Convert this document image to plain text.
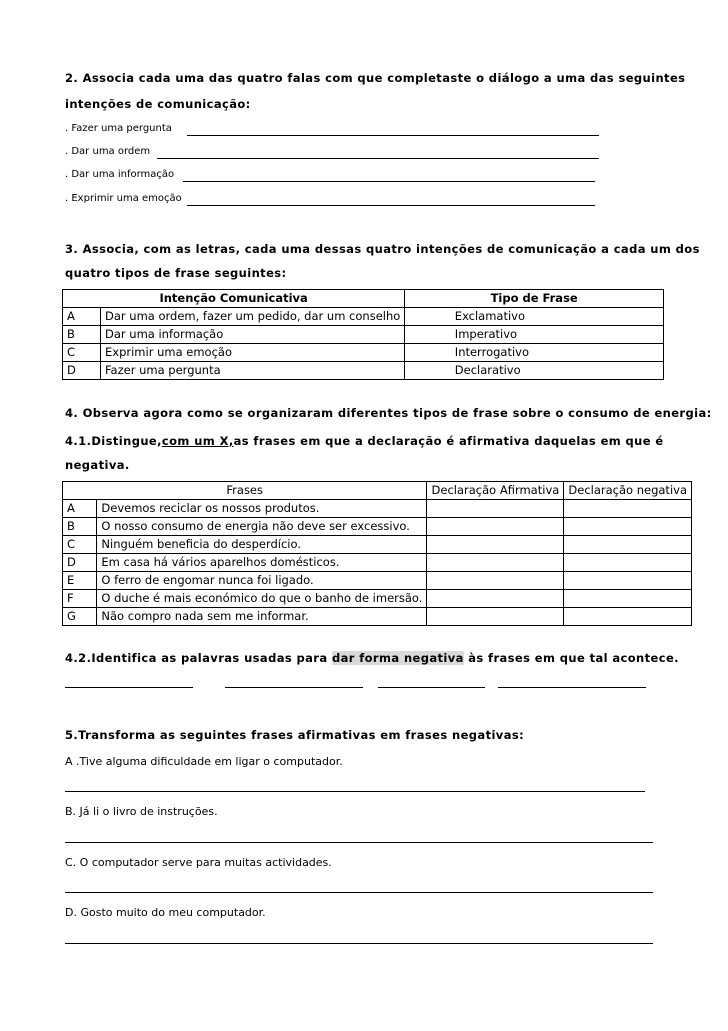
2. Associa cada uma das quatro falas com que completaste o diálogo a uma das seguintes
intenções de comunicação:
. Fazer uma pergunta
. Dar uma ordem
. Dar uma informação
. Exprimir uma emoção
3. Associa, com as letras, cada uma dessas quatro intenções de comunicação a cada um dos
quatro tipos de frase seguintes:
Intenção Comunicativa		Tipo de Frase	
A	Dar uma ordem, fazer um pedido, dar um conselho		Exclamativo
B	Dar uma informação		Imperativo
C	Exprimir uma emoção		Interrogativo
D	Fazer uma pergunta		Declarativo
4. Observa agora como se organizaram diferentes tipos de frase sobre o consumo de energia:
4.1.Distingue, com um X, as frases em que a declaração é afirmativa daquelas em que é
negativa.
Frases		Declaração Afirmativa	Declaração negativa
A	Devemos reciclar os nossos produtos.		
B	O nosso consumo de energia não deve ser excessivo.		
C	Ninguém beneficia do desperdício.		
D	Em casa há vários aparelhos domésticos.		
E	O ferro de engomar nunca foi ligado.		
F	O duche é mais económico do que o banho de imersão.		
G	Não compro nada sem me informar.		
4.2.Identifica as palavras usadas para dar forma negativa às frases em que tal acontece.
5.Transforma as seguintes frases afirmativas em frases negativas:
A .Tive alguma dificuldade em ligar o computador.
B. Já li o livro de instruções.
C. O computador serve para muitas actividades.
D. Gosto muito do meu computador.
